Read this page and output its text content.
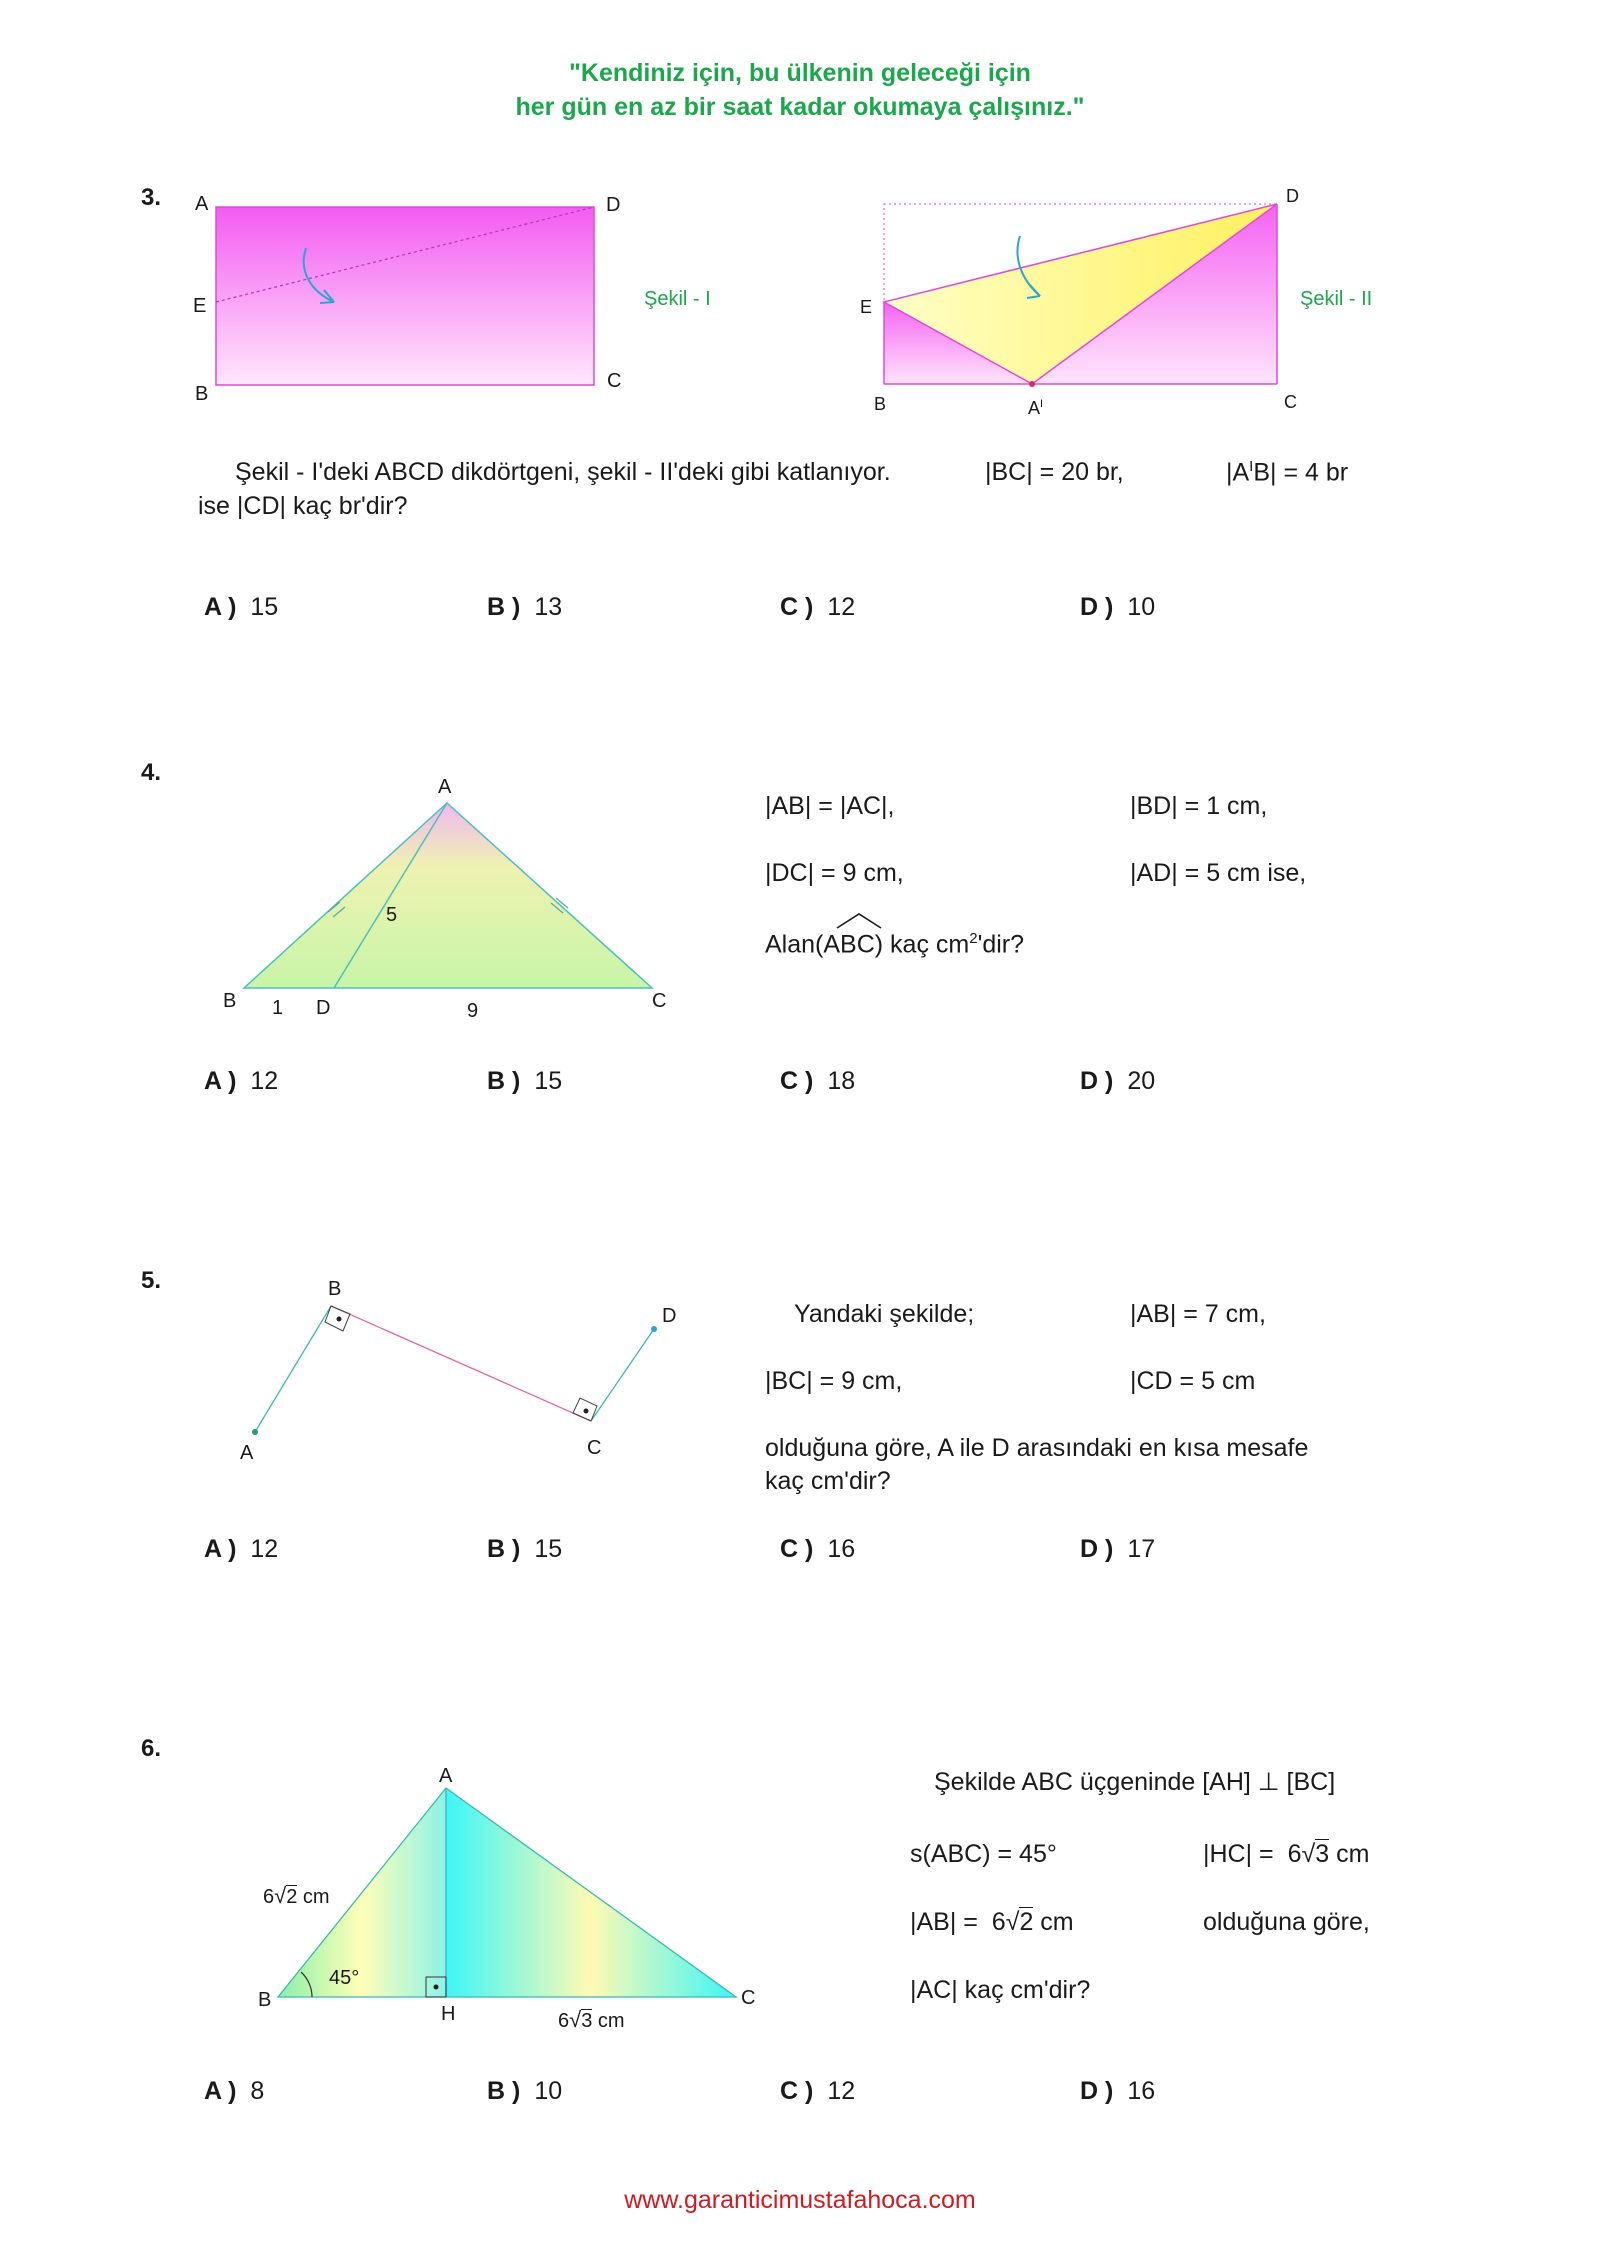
"Kendiniz için, bu ülkenin geleceği için
her gün en az bir saat kadar okumaya çalışınız."
3. A	D
E
B
C
Şekil - I
D
E
B	$A^I$	C
Şekil - II
Şekil - I'deki ABCD dikdörtgeni, şekil - II'deki gibi katlanıyor.	|BC| = 20 br,	$|A^IB| = 4$ br
ise |CD| kaç br'dir?
A ) 15	B ) 13	C ) 12	D ) 10
4.
A
B	D	C
5
1	9
|AB| = |AC|,	|BD| = 1 cm,
|DC| = 9 cm,	|AD| = 5 cm ise,
Alan(ABC) kaç $cm^2'dir$?
A ) 12	B ) 15	C ) 18	D ) 20
5.	B
D
A	C
Yandaki şekilde;	|AB| = 7 cm,
|BC| = 9 cm,	|CD = 5 cm
olduğuna göre, A ile D arasındaki en kısa mesafe
kaç cm'dir?
A ) 12	B ) 15	C ) 16	D ) 17
6.
A
B
H
C
6√2 cm
45°
6√3 cm
Şekilde ABC üçgeninde [AH] ⊥ [BC]
s(ABC) = 45°	|HC| = 6√3 cm
|AB| = 6√2 cm	olduğuna göre,
|AC| kaç cm'dir?
A ) 8	B ) 10	C ) 12	D ) 16
www.garanticimustafahoca.com
